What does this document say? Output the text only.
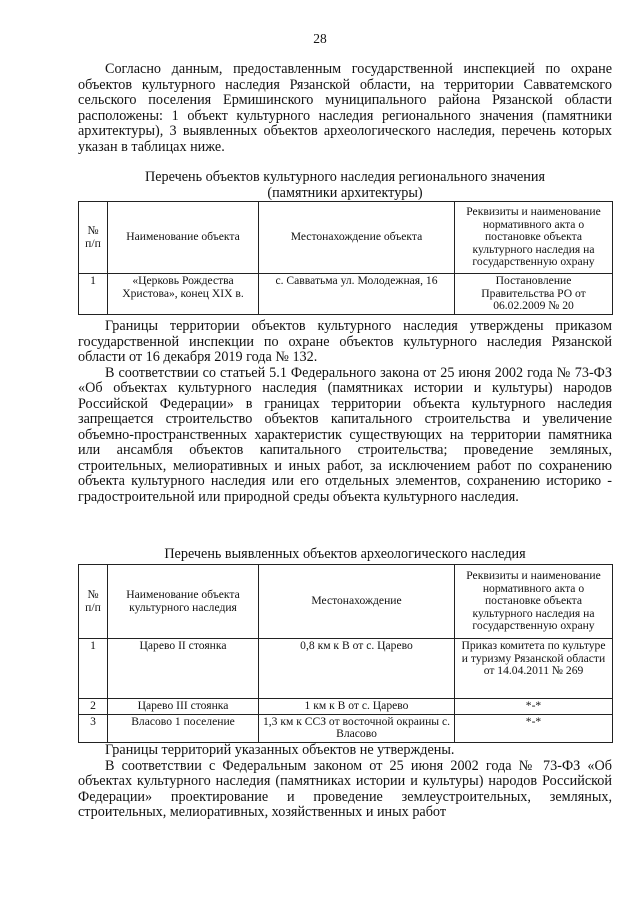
28

Согласно данным, предоставленным государственной инспекцией по охране объектов культурного наследия Рязанской области, на территории Савватемского сельского поселения Ермишинского муниципального района Рязанской области расположены: 1 объект культурного наследия регионального значения (памятники архитектуры), 3 выявленных объектов археологического наследия, перечень которых указан в таблицах ниже.

Перечень объектов культурного наследия регионального значения
(памятники архитектуры)
№ п/п	Наименование объекта	Местонахождение объекта	Реквизиты и наименование нормативного акта о постановке объекта культурного наследия на государственную охрану
1	«Церковь Рождества Христова», конец XIX в.	с. Савватьма ул. Молодежная, 16	Постановление Правительства РО от 06.02.2009 № 20

Границы территории объектов культурного наследия утверждены приказом государственной инспекции по охране объектов культурного наследия Рязанской области от 16 декабря 2019 года № 132.

В соответствии со статьей 5.1 Федерального закона от 25 июня 2002 года № 73-ФЗ «Об объектах культурного наследия (памятниках истории и культуры) народов Российской Федерации» в границах территории объекта культурного наследия запрещается строительство объектов капитального строительства и увеличение объемно-пространственных характеристик существующих на территории памятника или ансамбля объектов капитального строительства; проведение земляных, строительных, мелиоративных и иных работ, за исключением работ по сохранению объекта культурного наследия или его отдельных элементов, сохранению историко - градостроительной или природной среды объекта культурного наследия.

Перечень выявленных объектов археологического наследия
№ п/п	Наименование объекта культурного наследия	Местонахождение	Реквизиты и наименование нормативного акта о постановке объекта культурного наследия на государственную охрану
1	Царево II стоянка	0,8 км к В от с. Царево	Приказ комитета по культуре и туризму Рязанской области от 14.04.2011 № 269
2	Царево III стоянка	1 км к В от с. Царево	*-*
3	Власово 1 поселение	1,3 км к ССЗ от восточной окраины с. Власово	*-*

Границы территорий указанных объектов не утверждены.

В соответствии с Федеральным законом от 25 июня 2002 года № 73-ФЗ «Об объектах культурного наследия (памятниках истории и культуры) народов Российской Федерации» проектирование и проведение землеустроительных, земляных, строительных, мелиоративных, хозяйственных и иных работ
